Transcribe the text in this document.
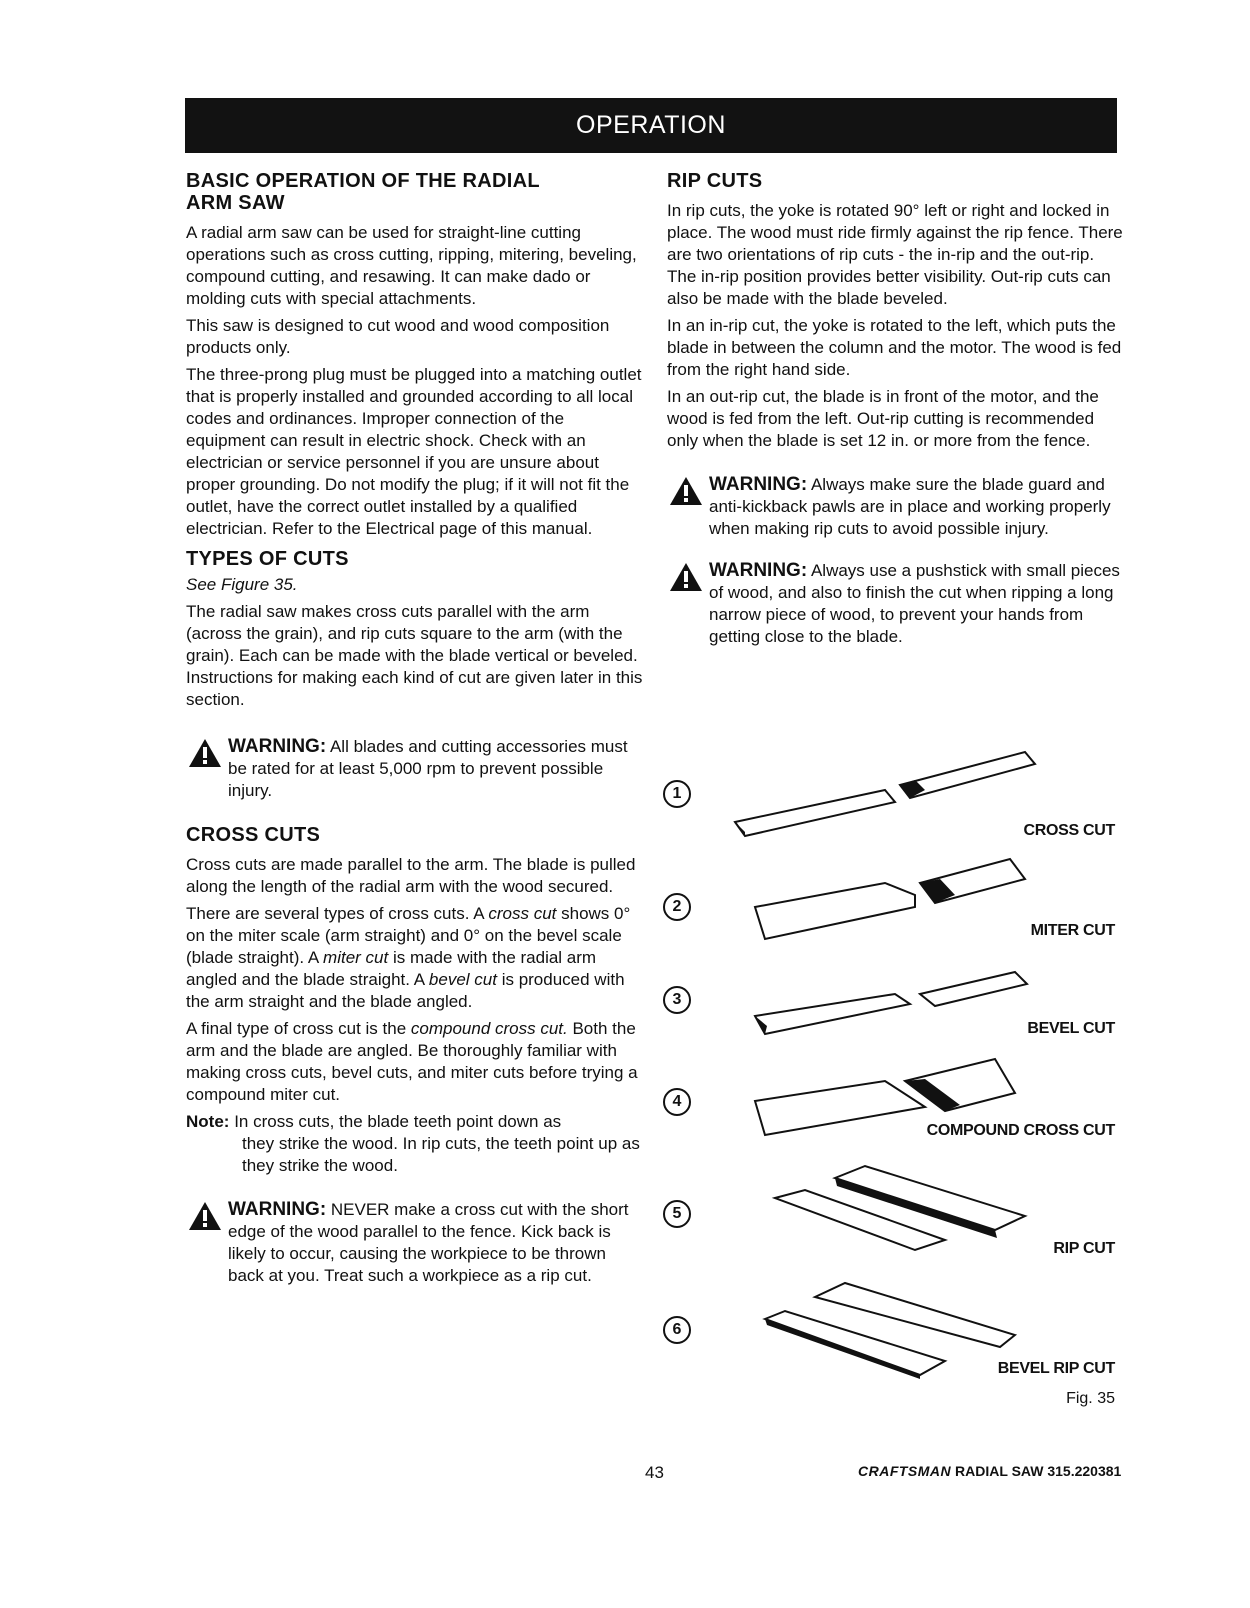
OPERATION
BASIC OPERATION OF THE RADIAL
ARM SAW

A radial arm saw can be used for straight-line cutting operations such as cross cutting, ripping, mitering, beveling, compound cutting, and resawing. It can make dado or molding cuts with special attachments.

This saw is designed to cut wood and wood composition products only.

The three-prong plug must be plugged into a matching outlet that is properly installed and grounded according to all local codes and ordinances. Improper connection of the equipment can result in electric shock. Check with an electrician or service personnel if you are unsure about proper grounding. Do not modify the plug; if it will not fit the outlet, have the correct outlet installed by a qualified electrician. Refer to the Electrical page of this manual.

TYPES OF CUTS

See Figure 35.

The radial saw makes cross cuts parallel with the arm (across the grain), and rip cuts square to the arm (with the grain). Each can be made with the blade vertical or beveled. Instructions for making each kind of cut are given later in this section.

WARNING: All blades and cutting accessories must be rated for at least 5,000 rpm to prevent possible injury.
CROSS CUTS

Cross cuts are made parallel to the arm. The blade is pulled along the length of the radial arm with the wood secured.

There are several types of cross cuts. A cross cut shows 0° on the miter scale (arm straight) and 0° on the bevel scale (blade straight). A miter cut is made with the radial arm angled and the blade straight. A bevel cut is produced with the arm straight and the blade angled.

A final type of cross cut is the compound cross cut. Both the arm and the blade are angled. Be thoroughly familiar with making cross cuts, bevel cuts, and miter cuts before trying a compound miter cut.

Note: In cross cuts, the blade teeth point down as
they strike the wood. In rip cuts, the teeth point up as they strike the wood.
WARNING: NEVER make a cross cut with the short edge of the wood parallel to the fence. Kick back is likely to occur, causing the workpiece to be thrown back at you. Treat such a workpiece as a rip cut.
RIP CUTS

In rip cuts, the yoke is rotated 90° left or right and locked in place. The wood must ride firmly against the rip fence. There are two orientations of rip cuts - the in-rip and the out-rip. The in-rip position provides better visibility. Out-rip cuts can also be made with the blade beveled.

In an in-rip cut, the yoke is rotated to the left, which puts the blade in between the column and the motor. The wood is fed from the right hand side.

In an out-rip cut, the blade is in front of the motor, and the wood is fed from the left. Out-rip cutting is recommended only when the blade is set 12 in. or more from the fence.

WARNING: Always make sure the blade guard and anti-kickback pawls are in place and working properly when making rip cuts to avoid possible injury.
WARNING: Always use a pushstick with small pieces of wood, and also to finish the cut when ripping a long narrow piece of wood, to prevent your hands from getting close to the blade.
1
CROSS CUT
2
MITER CUT
3
BEVEL CUT
4
COMPOUND CROSS CUT
5
RIP CUT
6
BEVEL RIP CUT
Fig. 35
43	CRAFTSMAN RADIAL SAW 315.220381
